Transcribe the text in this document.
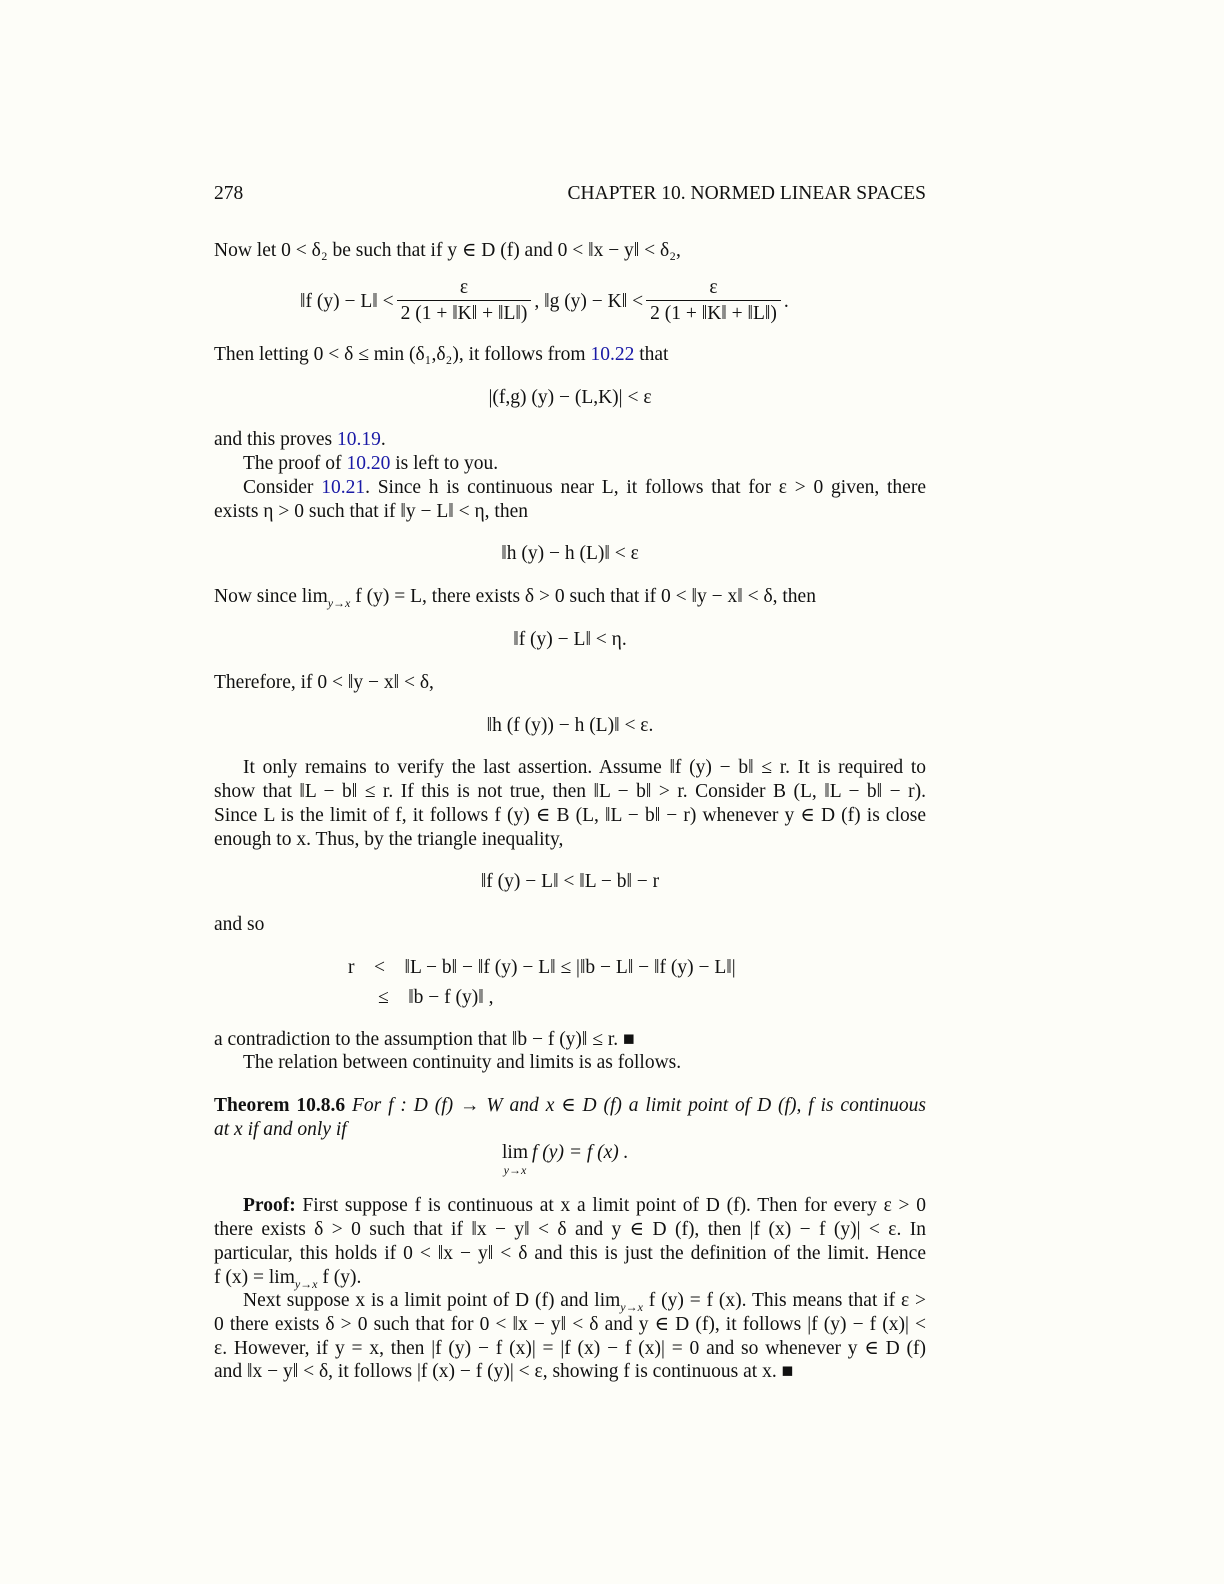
278	CHAPTER 10. NORMED LINEAR SPACES
‖f (y) − L‖ < $\frac{\varepsilon}{2 (1 + ‖K‖ + ‖L‖)}$ , ‖g (y) − K‖ < $\frac{\varepsilon}{2 (1 + ‖K‖ + ‖L‖)}$ .
lim
y→x
f (y) = f (x) .
Now let 0 < δ₂ be such that if y ∈ D (f) and 0 < ‖x − y‖ < δ₂,
Then letting 0 < δ ≤ min (δ₁,δ₂), it follows from 10.22 that
|(f,g) (y) − (L,K)| < ε
and this proves 10.19.
The proof of 10.20 is left to you.
Consider 10.21. Since h is continuous near L, it follows that for ε > 0 given, there
exists η > 0 such that if ‖y − L‖ < η, then
‖h (y) − h (L)‖ < ε
Now since $\lim_{y\to x} f$ (y) = L, there exists δ > 0 such that if 0 < ‖y − x‖ < δ, then
‖f (y) − L‖ < η.
Therefore, if 0 < ‖y − x‖ < δ,
‖h (f (y)) − h (L)‖ < ε.
It only remains to verify the last assertion. Assume ‖f (y) − b‖ ≤ r. It is required to
show that ‖L − b‖ ≤ r. If this is not true, then ‖L − b‖ > r. Consider B (L, ‖L − b‖ − r).
Since L is the limit of f, it follows f (y) ∈ B (L, ‖L − b‖ − r) whenever y ∈ D (f) is close
enough to x. Thus, by the triangle inequality,
‖f (y) − L‖ < ‖L − b‖ − r
and so
r    <    ‖L − b‖ − ‖f (y) − L‖ ≤ |‖b − L‖ − ‖f (y) − L‖|
≤    ‖b − f (y)‖ ,
a contradiction to the assumption that ‖b − f (y)‖ ≤ r. ■
The relation between continuity and limits is as follows.
Theorem 10.8.6 For f : D (f) → W and x ∈ D (f) a limit point of D (f), f is continuous
at x if and only if
Proof: First suppose f is continuous at x a limit point of D (f). Then for every ε > 0
there exists δ > 0 such that if ‖x − y‖ < δ and y ∈ D (f), then |f (x) − f (y)| < ε. In
particular, this holds if 0 < ‖x − y‖ < δ and this is just the definition of the limit. Hence
f $(x) = \lim_{y\to x} f$ (y).
Next suppose x is a limit point of D (f) and $\lim_{y\to x} f$ (y) = f (x). This means that if ε >
0 there exists δ > 0 such that for 0 < ‖x − y‖ < δ and y ∈ D (f), it follows |f (y) − f (x)| <
ε. However, if y = x, then |f (y) − f (x)| = |f (x) − f (x)| = 0 and so whenever y ∈ D (f)
and ‖x − y‖ < δ, it follows |f (x) − f (y)| < ε, showing f is continuous at x. ■
